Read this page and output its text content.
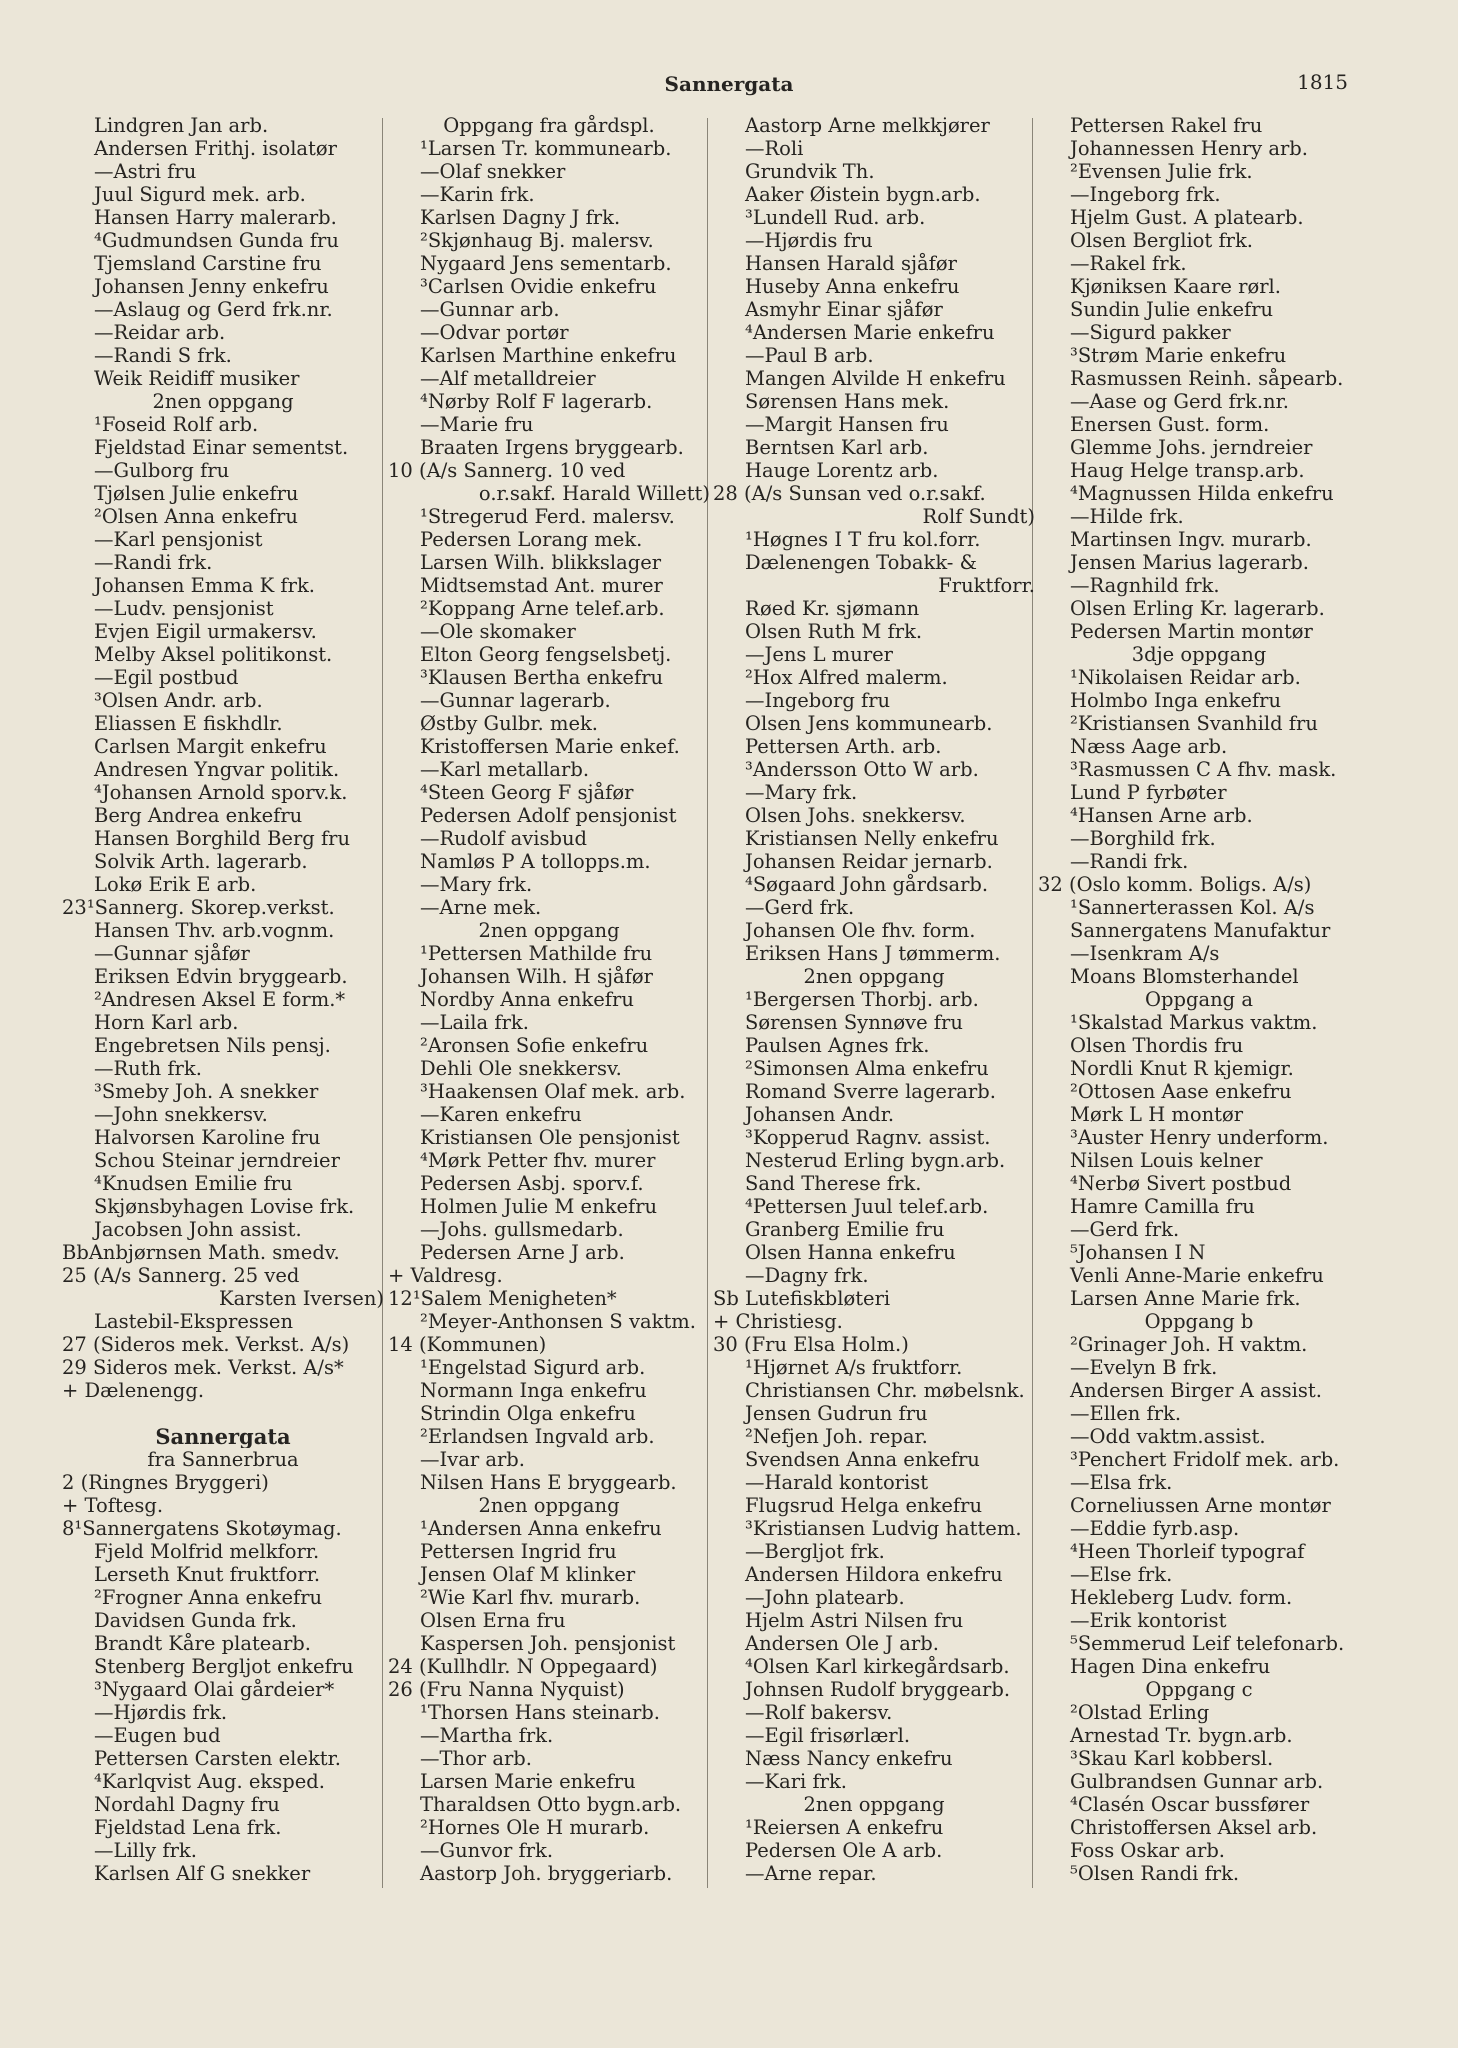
Sannergata	1815
Lindgren Jan arb.
Andersen Frithj. isolatør
—Astri fru
Juul Sigurd mek. arb.
Hansen Harry malerarb.
⁴Gudmundsen Gunda fru
Tjemsland Carstine fru
Johansen Jenny enkefru
—Aslaug og Gerd frk.nr.
—Reidar arb.
—Randi S frk.
Weik Reidiff musiker
2nen oppgang
¹Foseid Rolf arb.
Fjeldstad Einar sementst.
—Gulborg fru
Tjølsen Julie enkefru
²Olsen Anna enkefru
—Karl pensjonist
—Randi frk.
Johansen Emma K frk.
—Ludv. pensjonist
Evjen Eigil urmakersv.
Melby Aksel politikonst.
—Egil postbud
³Olsen Andr. arb.
Eliassen E fiskhdlr.
Carlsen Margit enkefru
Andresen Yngvar politik.
⁴Johansen Arnold sporv.k.
Berg Andrea enkefru
Hansen Borghild Berg fru
Solvik Arth. lagerarb.
Lokø Erik E arb.
23¹Sannerg. Skorep.verkst.
Hansen Thv. arb.vognm.
—Gunnar sjåfør
Eriksen Edvin bryggearb.
²Andresen Aksel E form.*
Horn Karl arb.
Engebretsen Nils pensj.
—Ruth frk.
³Smeby Joh. A snekker
—John snekkersv.
Halvorsen Karoline fru
Schou Steinar jerndreier
⁴Knudsen Emilie fru
Skjønsbyhagen Lovise frk.
Jacobsen John assist.
BbAnbjørnsen Math. smedv.
25 (A/s Sannerg. 25 ved
Karsten Iversen)
Lastebil-Ekspressen
27 (Sideros mek. Verkst. A/s)
29 Sideros mek. Verkst. A/s*
+ Dælenengg.
Sannergata
fra Sannerbrua
2 (Ringnes Bryggeri)
+ Toftesg.
8¹Sannergatens Skotøymag.
Fjeld Molfrid melkforr.
Lerseth Knut fruktforr.
²Frogner Anna enkefru
Davidsen Gunda frk.
Brandt Kåre platearb.
Stenberg Bergljot enkefru
³Nygaard Olai gårdeier*
—Hjørdis frk.
—Eugen bud
Pettersen Carsten elektr.
⁴Karlqvist Aug. eksped.
Nordahl Dagny fru
Fjeldstad Lena frk.
—Lilly frk.
Karlsen Alf G snekker
Oppgang fra gårdspl.
¹Larsen Tr. kommunearb.
—Olaf snekker
—Karin frk.
Karlsen Dagny J frk.
²Skjønhaug Bj. malersv.
Nygaard Jens sementarb.
³Carlsen Ovidie enkefru
—Gunnar arb.
—Odvar portør
Karlsen Marthine enkefru
—Alf metalldreier
⁴Nørby Rolf F lagerarb.
—Marie fru
Braaten Irgens bryggearb.
10 (A/s Sannerg. 10 ved
o.r.sakf. Harald Willett)
¹Stregerud Ferd. malersv.
Pedersen Lorang mek.
Larsen Wilh. blikkslager
Midtsemstad Ant. murer
²Koppang Arne telef.arb.
—Ole skomaker
Elton Georg fengselsbetj.
³Klausen Bertha enkefru
—Gunnar lagerarb.
Østby Gulbr. mek.
Kristoffersen Marie enkef.
—Karl metallarb.
⁴Steen Georg F sjåfør
Pedersen Adolf pensjonist
—Rudolf avisbud
Namløs P A tollopps.m.
—Mary frk.
—Arne mek.
2nen oppgang
¹Pettersen Mathilde fru
Johansen Wilh. H sjåfør
Nordby Anna enkefru
—Laila frk.
²Aronsen Sofie enkefru
Dehli Ole snekkersv.
³Haakensen Olaf mek. arb.
—Karen enkefru
Kristiansen Ole pensjonist
⁴Mørk Petter fhv. murer
Pedersen Asbj. sporv.f.
Holmen Julie M enkefru
—Johs. gullsmedarb.
Pedersen Arne J arb.
+ Valdresg.
12¹Salem Menigheten*
²Meyer-Anthonsen S vaktm.
14 (Kommunen)
¹Engelstad Sigurd arb.
Normann Inga enkefru
Strindin Olga enkefru
²Erlandsen Ingvald arb.
—Ivar arb.
Nilsen Hans E bryggearb.
2nen oppgang
¹Andersen Anna enkefru
Pettersen Ingrid fru
Jensen Olaf M klinker
²Wie Karl fhv. murarb.
Olsen Erna fru
Kaspersen Joh. pensjonist
24 (Kullhdlr. N Oppegaard)
26 (Fru Nanna Nyquist)
¹Thorsen Hans steinarb.
—Martha frk.
—Thor arb.
Larsen Marie enkefru
Tharaldsen Otto bygn.arb.
²Hornes Ole H murarb.
—Gunvor frk.
Aastorp Joh. bryggeriarb.
Aastorp Arne melkkjører
—Roli
Grundvik Th.
Aaker Øistein bygn.arb.
³Lundell Rud. arb.
—Hjørdis fru
Hansen Harald sjåfør
Huseby Anna enkefru
Asmyhr Einar sjåfør
⁴Andersen Marie enkefru
—Paul B arb.
Mangen Alvilde H enkefru
Sørensen Hans mek.
—Margit Hansen fru
Berntsen Karl arb.
Hauge Lorentz arb.
28 (A/s Sunsan ved o.r.sakf.
Rolf Sundt)
¹Høgnes I T fru kol.forr.
Dælenengen Tobakk- &
Fruktforr.
Røed Kr. sjømann
Olsen Ruth M frk.
—Jens L murer
²Hox Alfred malerm.
—Ingeborg fru
Olsen Jens kommunearb.
Pettersen Arth. arb.
³Andersson Otto W arb.
—Mary frk.
Olsen Johs. snekkersv.
Kristiansen Nelly enkefru
Johansen Reidar jernarb.
⁴Søgaard John gårdsarb.
—Gerd frk.
Johansen Ole fhv. form.
Eriksen Hans J tømmerm.
2nen oppgang
¹Bergersen Thorbj. arb.
Sørensen Synnøve fru
Paulsen Agnes frk.
²Simonsen Alma enkefru
Romand Sverre lagerarb.
Johansen Andr.
³Kopperud Ragnv. assist.
Nesterud Erling bygn.arb.
Sand Therese frk.
⁴Pettersen Juul telef.arb.
Granberg Emilie fru
Olsen Hanna enkefru
—Dagny frk.
Sb Lutefiskbløteri
+ Christiesg.
30 (Fru Elsa Holm.)
¹Hjørnet A/s fruktforr.
Christiansen Chr. møbelsnk.
Jensen Gudrun fru
²Nefjen Joh. repar.
Svendsen Anna enkefru
—Harald kontorist
Flugsrud Helga enkefru
³Kristiansen Ludvig hattem.
—Bergljot frk.
Andersen Hildora enkefru
—John platearb.
Hjelm Astri Nilsen fru
Andersen Ole J arb.
⁴Olsen Karl kirkegårdsarb.
Johnsen Rudolf bryggearb.
—Rolf bakersv.
—Egil frisørlærl.
Næss Nancy enkefru
—Kari frk.
2nen oppgang
¹Reiersen A enkefru
Pedersen Ole A arb.
—Arne repar.
Pettersen Rakel fru
Johannessen Henry arb.
²Evensen Julie frk.
—Ingeborg frk.
Hjelm Gust. A platearb.
Olsen Bergliot frk.
—Rakel frk.
Kjøniksen Kaare rørl.
Sundin Julie enkefru
—Sigurd pakker
³Strøm Marie enkefru
Rasmussen Reinh. såpearb.
—Aase og Gerd frk.nr.
Enersen Gust. form.
Glemme Johs. jerndreier
Haug Helge transp.arb.
⁴Magnussen Hilda enkefru
—Hilde frk.
Martinsen Ingv. murarb.
Jensen Marius lagerarb.
—Ragnhild frk.
Olsen Erling Kr. lagerarb.
Pedersen Martin montør
3dje oppgang
¹Nikolaisen Reidar arb.
Holmbo Inga enkefru
²Kristiansen Svanhild fru
Næss Aage arb.
³Rasmussen C A fhv. mask.
Lund P fyrbøter
⁴Hansen Arne arb.
—Borghild frk.
—Randi frk.
32 (Oslo komm. Boligs. A/s)
¹Sannerterassen Kol. A/s
Sannergatens Manufaktur
—Isenkram A/s
Moans Blomsterhandel
Oppgang a
¹Skalstad Markus vaktm.
Olsen Thordis fru
Nordli Knut R kjemigr.
²Ottosen Aase enkefru
Mørk L H montør
³Auster Henry underform.
Nilsen Louis kelner
⁴Nerbø Sivert postbud
Hamre Camilla fru
—Gerd frk.
⁵Johansen I N
Venli Anne-Marie enkefru
Larsen Anne Marie frk.
Oppgang b
²Grinager Joh. H vaktm.
—Evelyn B frk.
Andersen Birger A assist.
—Ellen frk.
—Odd vaktm.assist.
³Penchert Fridolf mek. arb.
—Elsa frk.
Corneliussen Arne montør
—Eddie fyrb.asp.
⁴Heen Thorleif typograf
—Else frk.
Hekleberg Ludv. form.
—Erik kontorist
⁵Semmerud Leif telefonarb.
Hagen Dina enkefru
Oppgang c
²Olstad Erling
Arnestad Tr. bygn.arb.
³Skau Karl kobbersl.
Gulbrandsen Gunnar arb.
⁴Clasén Oscar bussfører
Christoffersen Aksel arb.
Foss Oskar arb.
⁵Olsen Randi frk.
